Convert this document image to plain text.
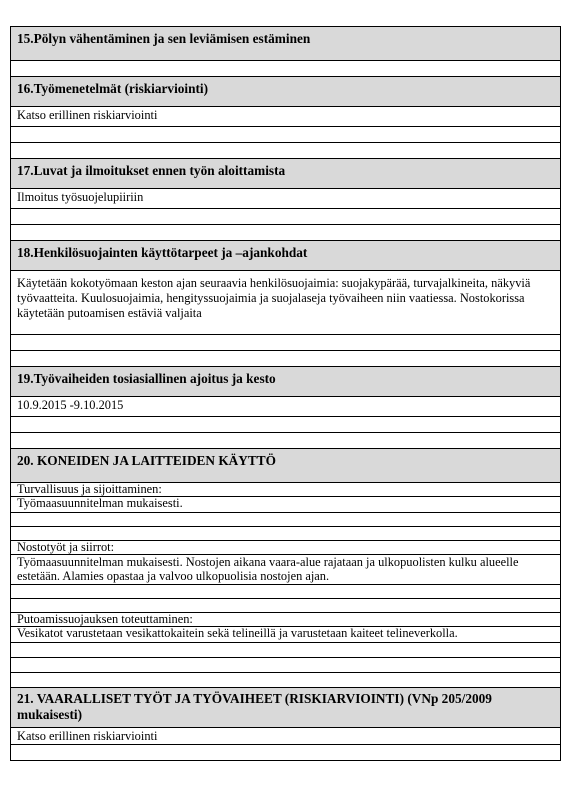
15.Pölyn vähentäminen ja sen leviämisen estäminen
16.Työmenetelmät (riskiarviointi)
Katso erillinen riskiarviointi
17.Luvat ja ilmoitukset ennen työn aloittamista
Ilmoitus työsuojelupiiriin
18.Henkilösuojainten käyttötarpeet ja –ajankohdat
Käytetään kokotyömaan keston ajan seuraavia henkilösuojaimia: suojakypärää, turvajalkineita, näkyviä työvaatteita. Kuulosuojaimia, hengityssuojaimia ja suojalaseja työvaiheen niin vaatiessa. Nostokorissa käytetään putoamisen estäviä valjaita
19.Työvaiheiden tosiasiallinen ajoitus ja kesto
10.9.2015 -9.10.2015
20. KONEIDEN JA LAITTEIDEN KÄYTTÖ
Turvallisuus ja sijoittaminen:
Työmaasuunnitelman mukaisesti.
Nostotyöt ja siirrot:
Työmaasuunnitelman mukaisesti. Nostojen aikana vaara-alue rajataan ja ulkopuolisten kulku alueelle estetään. Alamies opastaa ja valvoo ulkopuolisia nostojen ajan.
Putoamissuojauksen toteuttaminen:
Vesikatot varustetaan vesikattokaitein sekä telineillä ja varustetaan kaiteet telineverkolla.
21. VAARALLISET TYÖT JA TYÖVAIHEET (RISKIARVIOINTI) (VNp 205/2009 mukaisesti)
Katso erillinen riskiarviointi
